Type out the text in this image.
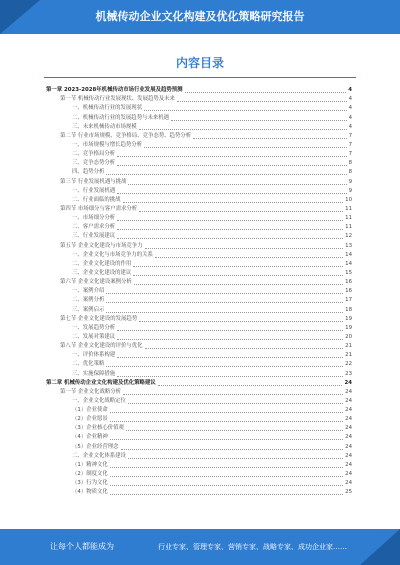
机械传动企业文化构建及优化策略研究报告
内容目录
第一章 2023-2028年机械传动市场行业发展及趋势预测	4
第一节 机械传动行业发展现状、发展趋势及未来	4
一、机械传动行业的发展现状	4
二、机械传动行业的发展趋势与未来机遇	4
三、未来机械传动市场规模	4
第二节 行业市场规模、竞争格局、竞争态势、趋势分析	7
一、市场规模与增长趋势分析	7
二、竞争格局分析	7
三、竞争态势分析	8
四、趋势分析	8
第三节 行业发展机遇与挑战	9
一、行业发展机遇	9
二、行业面临的挑战	10
第四节 市场细分与客户需求分析	11
一、市场细分分析	11
二、客户需求分析	11
三、行业发展建议	12
第五节 企业文化建设与市场竞争力	13
一、企业文化与市场竞争力的关系	14
二、企业文化建设的作用	14
三、企业文化建设的建议	15
第六节 企业文化建设案例分析	16
一、案例介绍	16
二、案例分析	17
三、案例启示	18
第七节 企业文化建设的发展趋势	19
一、发展趋势分析	19
二、发展对策建议	20
第八节 企业文化建设的评价与优化	21
一、评价体系构建	21
二、优化策略	22
三、实施保障措施	23
第二章 机械传动企业文化构建及优化策略建议	24
第一节 企业文化战略分析	24
一、企业文化战略定位	24
（1）企业使命	24
（2）企业愿景	24
（3）企业核心价值观	24
（4）企业精神	24
（5）企业经营理念	24
二、企业文化体系建设	24
（1）精神文化	24
（2）制度文化	24
（3）行为文化	24
（4）物质文化	25
让每个人都能成为	行业专家、管理专家、营销专家、战略专家、成功企业家……
